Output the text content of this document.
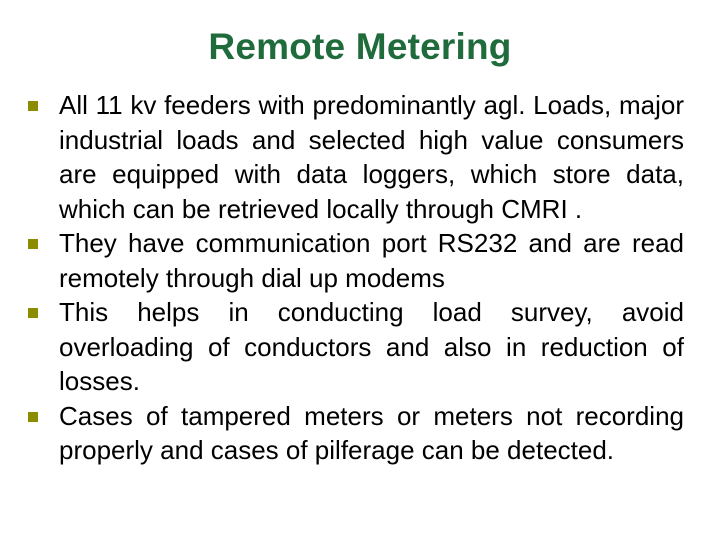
Remote Metering
All 11 kv feeders with predominantly agl. Loads, major industrial loads and selected high value consumers are equipped with data loggers, which store data, which can be retrieved locally through CMRI .
They have communication port RS232 and are read remotely through dial up modems
This helps in conducting load survey, avoid overloading of conductors and also in reduction of losses.
Cases of tampered meters or meters not recording properly and cases of pilferage can be detected.
